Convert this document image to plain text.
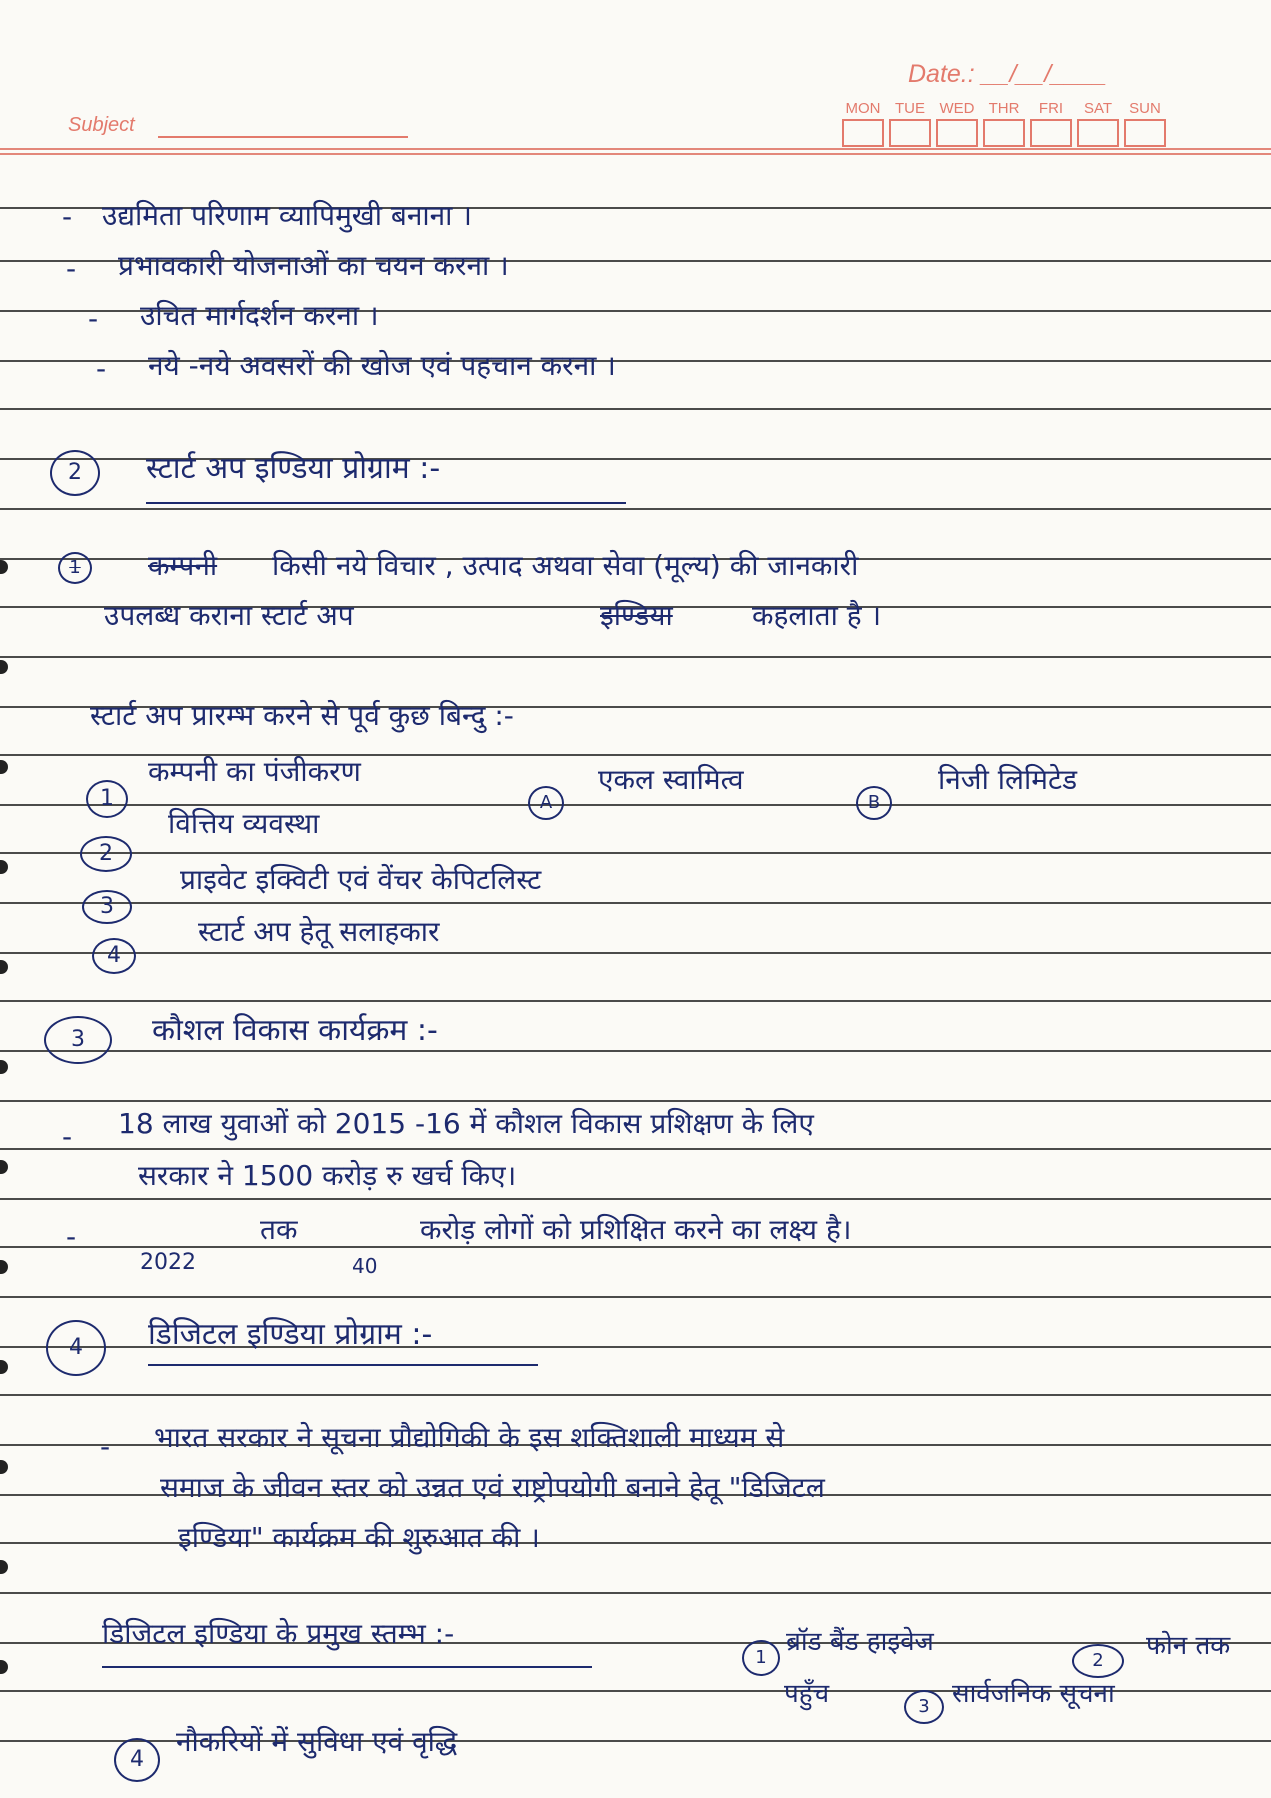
Subject
Date.: __/__/____
MON TUE WED THR	FRI	SAT	SUN
- उद्यमिता परिणाम व्यापिमुखी बनाना ।
- प्रभावकारी योजनाओं का चयन करना ।
- उचित मार्गदर्शन करना ।
- नये -नये अवसरों की खोज एवं पहचान करना ।
2	स्टार्ट अप इण्डिया प्रोग्राम :-
1	कम्पनी किसी नये विचार , उत्पाद अथवा सेवा (मूल्य) की जानकारी
उपलब्ध कराना स्टार्ट अप	इण्डिया	कहलाता है ।
स्टार्ट अप प्रारम्भ करने से पूर्व कुछ बिन्दु :-
1
कम्पनी का पंजीकरण
A
एकल स्वामित्व
B
निजी लिमिटेड
2
वित्तिय व्यवस्था
3
प्राइवेट इक्विटी एवं वेंचर केपिटलिस्ट
4
स्टार्ट अप हेतू सलाहकार
3	कौशल विकास कार्यक्रम :-
- 18 लाख युवाओं को 2015 -16 में कौशल विकास प्रशिक्षण के लिए
सरकार ने 1500 करोड़ रु खर्च किए।
-	तक	करोड़ लोगों को प्रशिक्षित करने का लक्ष्य है।
2022	40
4	डिजिटल इण्डिया प्रोग्राम :-
- भारत सरकार ने सूचना प्रौद्योगिकी के इस शक्तिशाली माध्यम से
समाज के जीवन स्तर को उन्नत एवं राष्ट्रोपयोगी बनाने हेतू "डिजिटल
इण्डिया" कार्यक्रम की शुरुआत की ।
डिजिटल इण्डिया के प्रमुख स्तम्भ :-
1
ब्रॉड बैंड हाइवेज
2	फोन तक
पहुँच	3 सार्वजनिक सूचना
4
नौकरियों में सुविधा एवं वृद्धि
